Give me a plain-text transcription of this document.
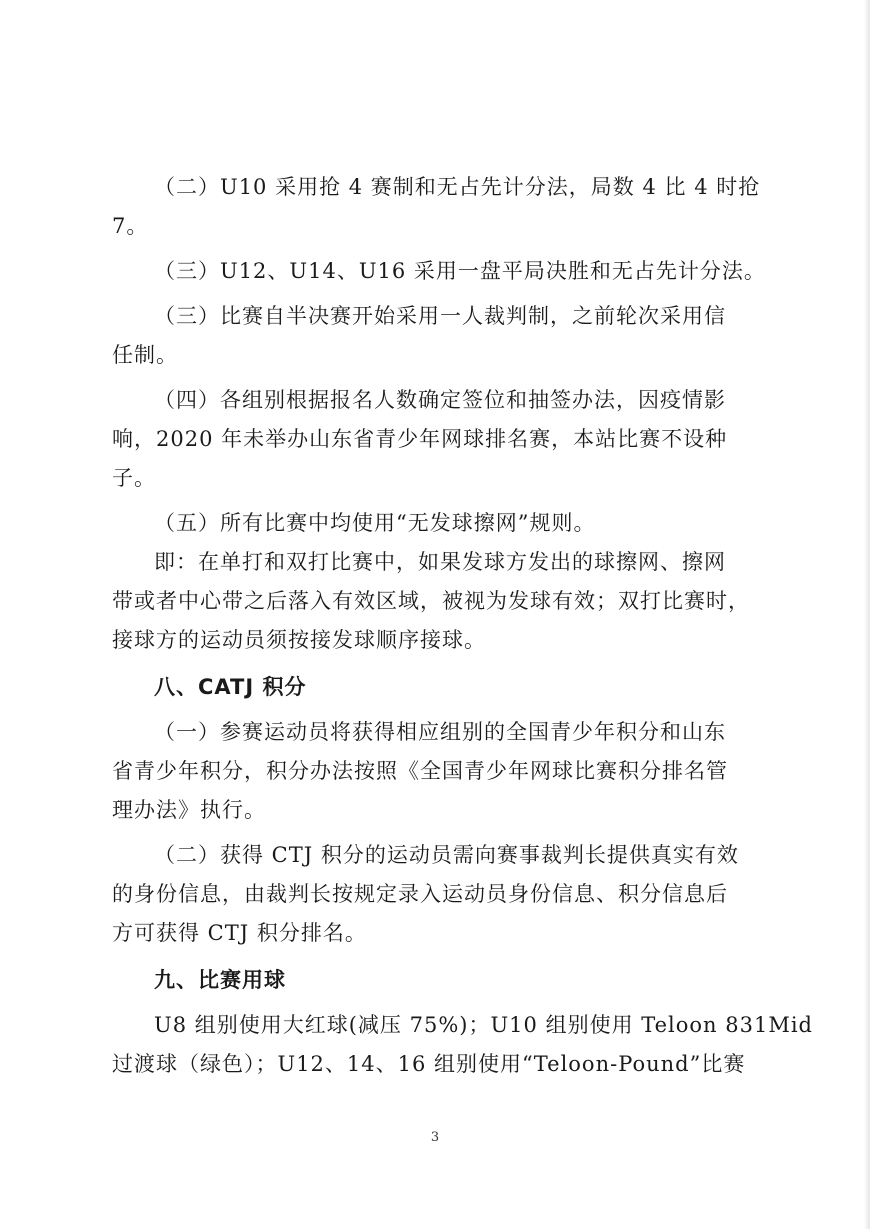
（二）U10 采用抢 4 赛制和无占先计分法，局数 4 比 4 时抢
7。

（三）U12、U14、U16 采用一盘平局决胜和无占先计分法。

（三）比赛自半决赛开始采用一人裁判制，之前轮次采用信
任制。

（四）各组别根据报名人数确定签位和抽签办法，因疫情影
响，2020 年未举办山东省青少年网球排名赛，本站比赛不设种
子。

（五）所有比赛中均使用“无发球擦网”规则。

即：在单打和双打比赛中，如果发球方发出的球擦网、擦网
带或者中心带之后落入有效区域，被视为发球有效；双打比赛时，
接球方的运动员须按接发球顺序接球。

八、CATJ 积分

（一）参赛运动员将获得相应组别的全国青少年积分和山东
省青少年积分，积分办法按照《全国青少年网球比赛积分排名管
理办法》执行。

（二）获得 CTJ 积分的运动员需向赛事裁判长提供真实有效
的身份信息，由裁判长按规定录入运动员身份信息、积分信息后
方可获得 CTJ 积分排名。

九、比赛用球

U8 组别使用大红球(减压 75%)；U10 组别使用 Teloon 831Mid
过渡球（绿色）；U12、14、16 组别使用“Teloon-Pound”比赛

3
